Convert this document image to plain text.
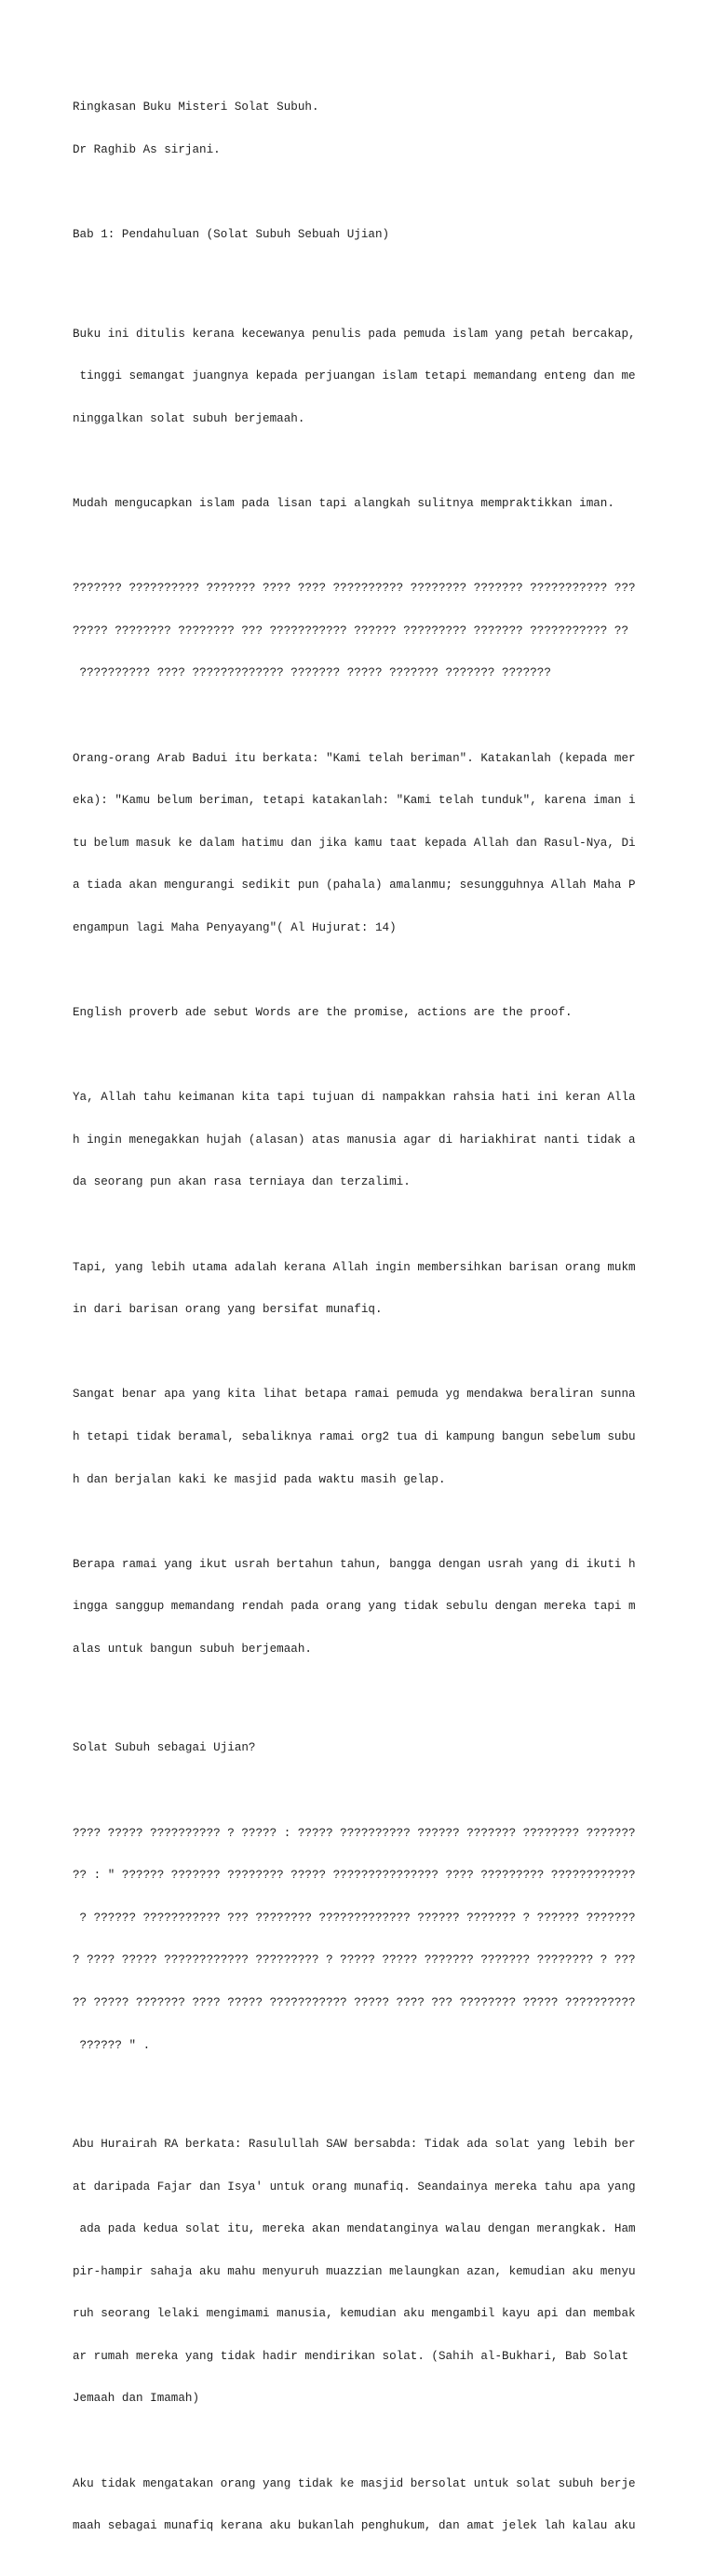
Ringkasan Buku Misteri Solat Subuh.

Dr Raghib As sirjani.

Bab 1: Pendahuluan (Solat Subuh Sebuah Ujian)

Buku ini ditulis kerana kecewanya penulis pada pemuda islam yang petah bercakap,

tinggi semangat juangnya kepada perjuangan islam tetapi memandang enteng dan me

ninggalkan solat subuh berjemaah.

Mudah mengucapkan islam pada lisan tapi alangkah sulitnya mempraktikkan iman.

??????? ?????????? ??????? ???? ???? ?????????? ???????? ??????? ??????????? ???

????? ???????? ???????? ??? ??????????? ?????? ????????? ??????? ??????????? ??

?????????? ???? ????????????? ??????? ????? ??????? ??????? ???????

Orang-orang Arab Badui itu berkata: "Kami telah beriman". Katakanlah (kepada mer

eka): "Kamu belum beriman, tetapi katakanlah: "Kami telah tunduk", karena iman i

tu belum masuk ke dalam hatimu dan jika kamu taat kepada Allah dan Rasul-Nya, Di

a tiada akan mengurangi sedikit pun (pahala) amalanmu; sesungguhnya Allah Maha P

engampun lagi Maha Penyayang"( Al Hujurat: 14)

English proverb ade sebut Words are the promise, actions are the proof.

Ya, Allah tahu keimanan kita tapi tujuan di nampakkan rahsia hati ini keran Alla

h ingin menegakkan hujah (alasan) atas manusia agar di hariakhirat nanti tidak a

da seorang pun akan rasa terniaya dan terzalimi.

Tapi, yang lebih utama adalah kerana Allah ingin membersihkan barisan orang mukm

in dari barisan orang yang bersifat munafiq.

Sangat benar apa yang kita lihat betapa ramai pemuda yg mendakwa beraliran sunna

h tetapi tidak beramal, sebaliknya ramai org2 tua di kampung bangun sebelum subu

h dan berjalan kaki ke masjid pada waktu masih gelap.

Berapa ramai yang ikut usrah bertahun tahun, bangga dengan usrah yang di ikuti h

ingga sanggup memandang rendah pada orang yang tidak sebulu dengan mereka tapi m

alas untuk bangun subuh berjemaah.

Solat Subuh sebagai Ujian?

???? ????? ?????????? ? ????? : ????? ?????????? ?????? ??????? ???????? ???????

?? : " ?????? ??????? ???????? ????? ??????????????? ???? ????????? ????????????

? ?????? ??????????? ??? ???????? ????????????? ?????? ??????? ? ?????? ???????

? ???? ????? ???????????? ????????? ? ????? ????? ??????? ??????? ???????? ? ???

?? ????? ??????? ???? ????? ??????????? ????? ???? ??? ???????? ????? ??????????

?????? " .

Abu Hurairah RA berkata: Rasulullah SAW bersabda: Tidak ada solat yang lebih ber

at daripada Fajar dan Isya' untuk orang munafiq. Seandainya mereka tahu apa yang

ada pada kedua solat itu, mereka akan mendatanginya walau dengan merangkak. Ham

pir-hampir sahaja aku mahu menyuruh muazzian melaungkan azan, kemudian aku menyu

ruh seorang lelaki mengimami manusia, kemudian aku mengambil kayu api dan membak

ar rumah mereka yang tidak hadir mendirikan solat. (Sahih al-Bukhari, Bab Solat

Jemaah dan Imamah)

Aku tidak mengatakan orang yang tidak ke masjid bersolat untuk solat subuh berje

maah sebagai munafiq kerana aku bukanlah penghukum, dan amat jelek lah kalau aku
